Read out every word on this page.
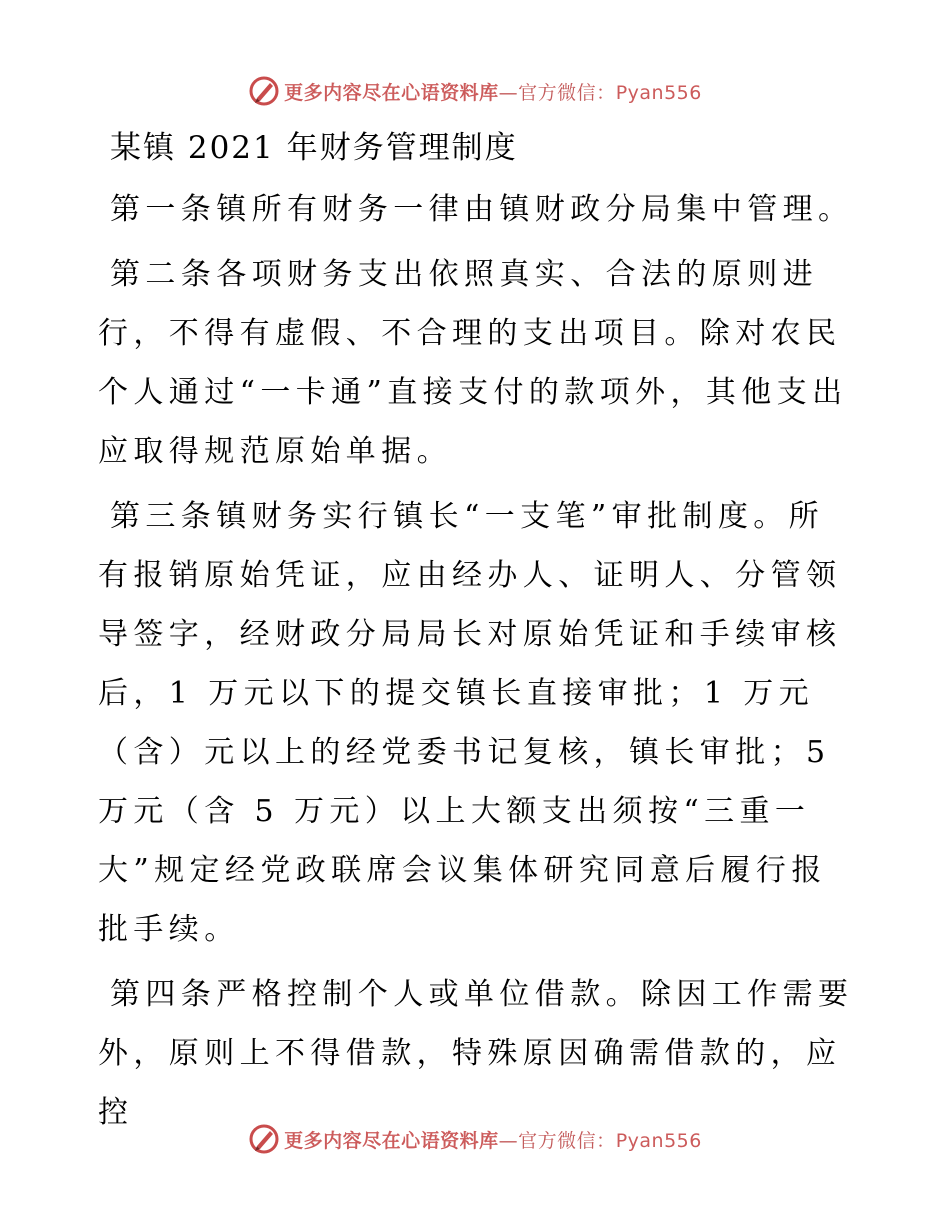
更多内容尽在心语资料库—官方微信：Pyan556
某镇 2021 年财务管理制度

第一条镇所有财务一律由镇财政分局集中管理。

第二条各项财务支出依照真实、合法的原则进行，不得有虚假、不合理的支出项目。除对农民个人通过“一卡通”直接支付的款项外，其他支出应取得规范原始单据。

第三条镇财务实行镇长“一支笔”审批制度。所有报销原始凭证，应由经办人、证明人、分管领导签字，经财政分局局长对原始凭证和手续审核后，1 万元以下的提交镇长直接审批；1 万元（含）元以上的经党委书记复核，镇长审批；5 万元（含 5 万元）以上大额支出须按“三重一大”规定经党政联席会议集体研究同意后履行报批手续。

第四条严格控制个人或单位借款。除因工作需要外，原则上不得借款，特殊原因确需借款的，应控

更多内容尽在心语资料库—官方微信：Pyan556
